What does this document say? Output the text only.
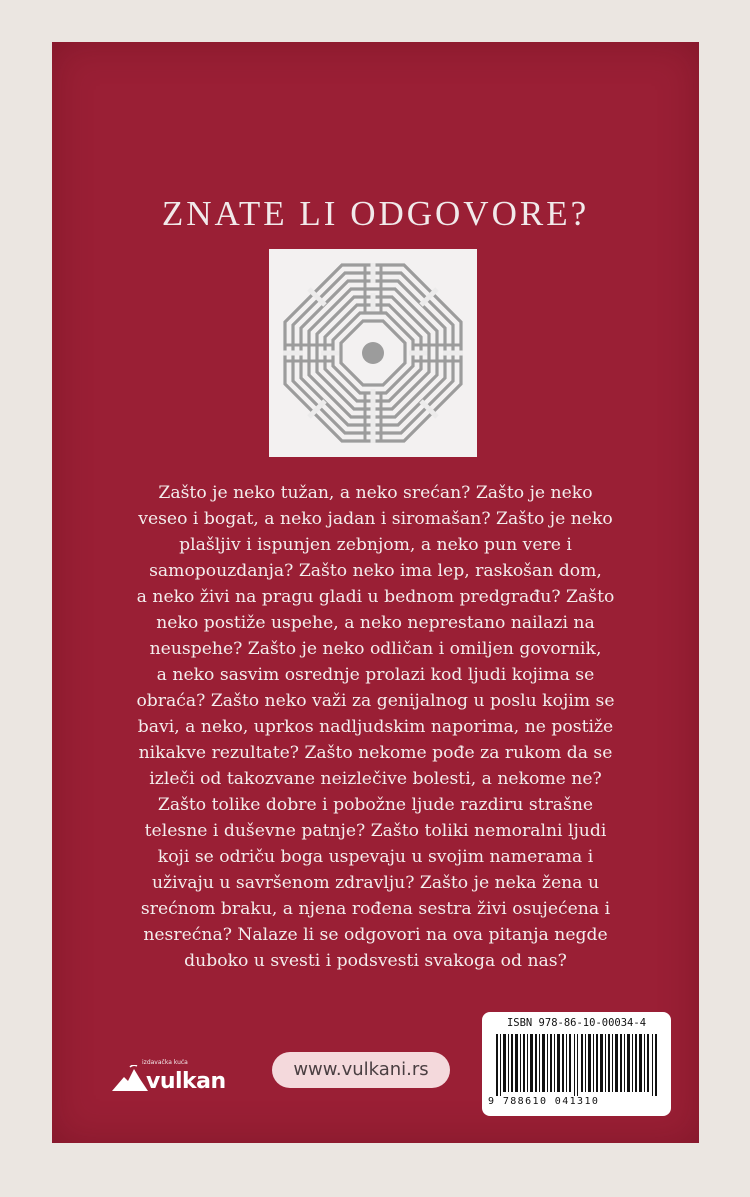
ZNATE LI ODGOVORE?
Zašto je neko tužan, a neko srećan? Zašto je neko
veseo i bogat, a neko jadan i siromašan? Zašto je neko
plašljiv i ispunjen zebnjom, a neko pun vere i
samopouzdanja? Zašto neko ima lep, raskošan dom,
a neko živi na pragu gladi u bednom predgrađu? Zašto
neko postiže uspehe, a neko neprestano nailazi na
neuspehe? Zašto je neko odličan i omiljen govornik,
a neko sasvim osrednje prolazi kod ljudi kojima se
obraća? Zašto neko važi za genijalnog u poslu kojim se
bavi, a neko, uprkos nadljudskim naporima, ne postiže
nikakve rezultate? Zašto nekome pođe za rukom da se
izleči od takozvane neizlečive bolesti, a nekome ne?
Zašto tolike dobre i pobožne ljude razdiru strašne
telesne i duševne patnje? Zašto toliki nemoralni ljudi
koji se odriču boga uspevaju u svojim namerama i
uživaju u savršenom zdravlju? Zašto je neka žena u
srećnom braku, a njena rođena sestra živi osujećena i
nesrećna? Nalaze li se odgovori na ova pitanja negde
duboko u svesti i podsvesti svakoga od nas?
izdavačka kuća
vulkan	www.vulkani.rs
ISBN 978-86-10-00034-4
9 788610 041310
